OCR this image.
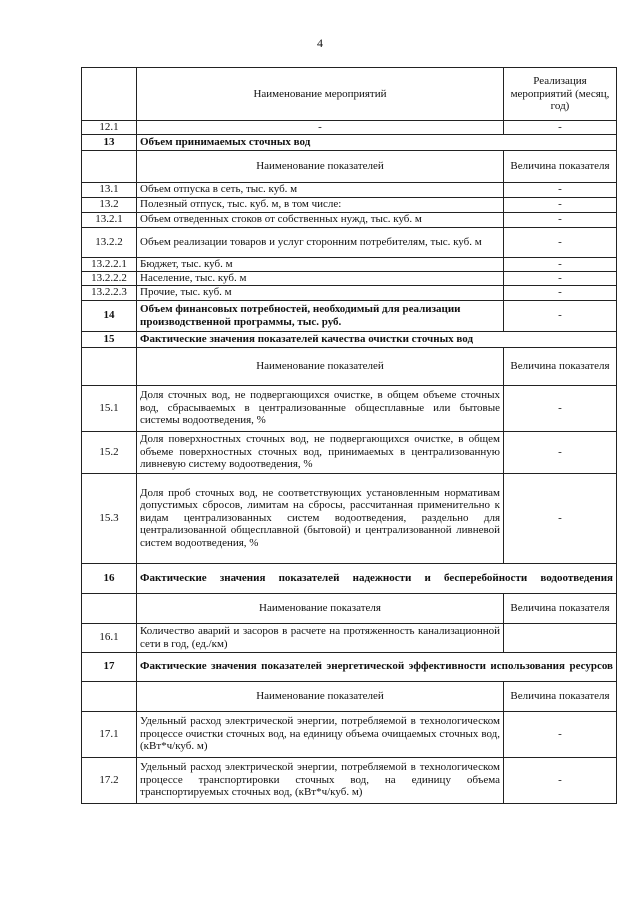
4
	Наименование мероприятий	Реализация мероприятий (месяц, год)
12.1	-	-
13	Объем принимаемых сточных вод	
	Наименование показателей	Величина показателя
13.1	Объем отпуска в сеть, тыс. куб. м	-
13.2	Полезный отпуск, тыс. куб. м, в том числе:	-
13.2.1	Объем отведенных стоков от собственных нужд, тыс. куб. м	-
13.2.2	Объем реализации товаров и услуг сторонним потребителям, тыс. куб. м	-
13.2.2.1	Бюджет, тыс. куб. м	-
13.2.2.2	Население, тыс. куб. м	-
13.2.2.3	Прочие, тыс. куб. м	-
14	Объем финансовых потребностей, необходимый для реализации производственной программы, тыс. руб.	-
15	Фактические значения показателей качества очистки сточных вод	
	Наименование показателей	Величина показателя
15.1	Доля сточных вод, не подвергающихся очистке, в общем объеме сточных вод, сбрасываемых в централизованные общесплавные или бытовые системы водоотведения, %	-
15.2	Доля поверхностных сточных вод, не подвергающихся очистке, в общем объеме поверхностных сточных вод, принимаемых в централизованную ливневую систему водоотведения, %	-
15.3	Доля проб сточных вод, не соответствующих установленным нормативам допустимых сбросов, лимитам на сбросы, рассчитанная применительно к видам централизованных систем водоотведения, раздельно для централизованной общесплавной (бытовой) и централизованной ливневой систем водоотведения, %	-
16	Фактические значения показателей надежности и бесперебойности водоотведения	
	Наименование показателя	Величина показателя
16.1	Количество аварий и засоров в расчете на протяженность канализационной сети в год, (ед./км)	
17	Фактические значения показателей энергетической эффективности использования ресурсов	
	Наименование показателей	Величина показателя
17.1	Удельный расход электрической энергии, потребляемой в технологическом процессе очистки сточных вод, на единицу объема очищаемых сточных вод, (кВт*ч/куб. м)	-
17.2	Удельный расход электрической энергии, потребляемой в технологическом процессе транспортировки сточных вод, на единицу объема транспортируемых сточных вод, (кВт*ч/куб. м)	-
